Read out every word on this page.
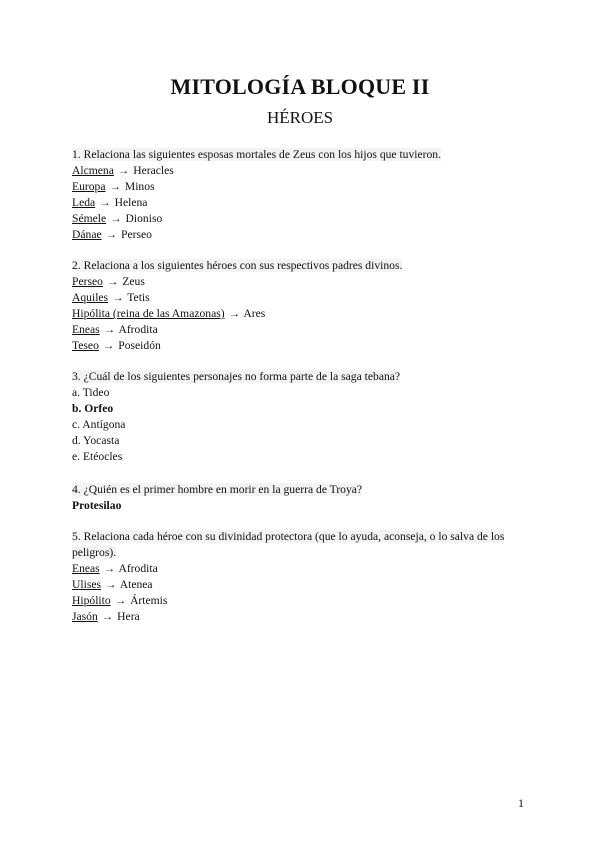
MITOLOGÍA BLOQUE II
HÉROES
1. Relaciona las siguientes esposas mortales de Zeus con los hijos que tuvieron.
Alcmena → Heracles
Europa → Minos
Leda → Helena
Sémele → Dioniso
Dánae → Perseo
2. Relaciona a los siguientes héroes con sus respectivos padres divinos.
Perseo → Zeus
Aquiles → Tetis
Hipólita (reina de las Amazonas) → Ares
Eneas → Afrodita
Teseo → Poseidón
3. ¿Cuál de los siguientes personajes no forma parte de la saga tebana?
a. Tideo
b. Orfeo
c. Antígona
d. Yocasta
e. Etéocles
4. ¿Quién es el primer hombre en morir en la guerra de Troya?
Protesilao
5. Relaciona cada héroe con su divinidad protectora (que lo ayuda, aconseja, o lo salva de los peligros).
Eneas → Afrodita
Ulises → Atenea
Hipólito → Ártemis
Jasón → Hera
1
